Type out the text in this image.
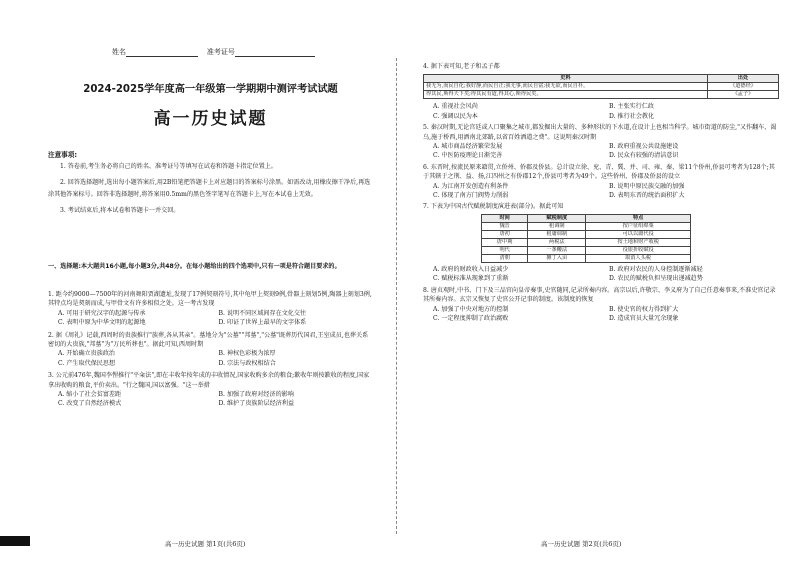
姓名	准考证号
2024-2025学年度高一年级第一学期期中测评考试试题
高一历史试题
注意事项:
1. 答卷前,考生务必将自己的姓名、准考证号等填写在试卷和答题卡指定位置上。
2. 回答选择题时,选出每小题答案后,用2B铅笔把答题卡上对应题目的答案标号涂黑。如需改动,用橡皮擦干净后,再选涂其他答案标号。回答非选择题时,将答案用0.5mm的黑色签字笔写在答题卡上,写在本试卷上无效。
3. 考试结束后,将本试卷和答题卡一并交回。
一、选择题:本大题共16小题,每小题3分,共48分。在每小题给出的四个选项中,只有一项是符合题目要求的。
1. 距今约9000—7500年的河南舞阳贾湖遗址,发现了17例契刻符号,其中龟甲上契刻9例,骨器上刻划5例,陶器上刻划3例,其特点均是契刻而成,与甲骨文有许多相似之处。这一考古发现
A. 可用于研究汉字的起源与传承	B. 说明不同区域间存在文化交往
C. 表明中原为中华文明的起源地	D. 印证了世界上最早的文字体系
2. 据《周礼》记载,西周时的贵族推行"族葬,各从其亲"。墓地分为"公墓""邦墓","公墓"既葬历代国君,王室成员,也葬关系密切的大贵族,"邦墓"为"万民所葬也"。据此可知,西周时期
A. 开始确立贵族政治	B. 神权色彩极为浓厚
C. 产生取代保民思想	D. 宗法与政权相结合
3. 公元前476年,魏国李悝推行"平籴法",即在丰收年按年成的丰收情况,国家收购多余的粮食;歉收年则按歉收的程度,国家拿出收购的粮食,平价卖出。"行之魏国,国以富强。"这一举措
A. 缩小了社会贫富差距	B. 加强了政府对经济的影响
C. 改变了自然经济模式	D. 维护了贵族阶层经济利益
高一历史试题 第1页(共6页)
4. 据下表可知,老子和孟子都
史料	出处
我无为,而民自化;我好静,而民自正;我无事,而民自富;我无欲,而民自朴。	《道德经》
得其民,斯得天下矣;得其民有道,得其心,斯得民矣。	《孟子》
A. 重视社会风尚	B. 主张实行仁政
C. 强调以民为本	D. 推行社会教化
5. 秦汉时期,无论宫廷或人口聚集之城市,都发掘出大量的、多种形状的下水道,在设计上也相当科学。城市街道的防尘,"又作翻车、渴乌,施于桥西,用洒南北郊路,以省百姓洒道之费"。这说明秦汉时期
A. 城市商品经济繁荣发展	B. 政府重视公共设施建设
C. 中医防疫理论日渐完善	D. 民众有较强的清洁意识
6. 东晋时,按流民原来籍贯,立侨州、侨郡及侨县。总计设立徐、兖、青、冀、并、司、雍、秦、梁11个侨州,侨县可考者为128个;其于其辖于之荆、益、扬,江四州之有侨郡12个,侨县可考者为49个。这些侨州、侨郡及侨县的设立
A. 为江南开发创造有利条件	B. 说明中原民族交融的加强
C. 体现了南方门阀势力削弱	D. 表明东晋的统治面积扩大
7. 下表为中国古代赋税制度演进表(部分)。据此可知
时间	赋税制度	特点
魏晋	租调制	按户征绢绵粟
唐初	租庸调制	可以以庸代役
唐中期	两税法	按土地和财产收税
明代	一条鞭法	役银折收赋役
清朝	摊丁入亩	取消人头税
A. 政府的财政收入日益减少	B. 政府对农民的人身控制逐渐减轻
C. 赋税标准从现象到了重渐	D. 农民的赋税负担呈现出递减趋势
8. 唐贞观时,中书、门下及三品官向皇帝奏事,史官随同,记录所奏内容。高宗以后,许敬宗、李义府为了自己任意奏事来,不准史官记录其所奏内容。玄宗又恢复了史官公开记事的制度。该制度的恢复
A. 加强了中央对地方的控制	B. 使史官的权力得到扩大
C. 一定程度抑制了政治腐败	D. 造成官员大量冗余现象
高一历史试题 第2页(共6页)
